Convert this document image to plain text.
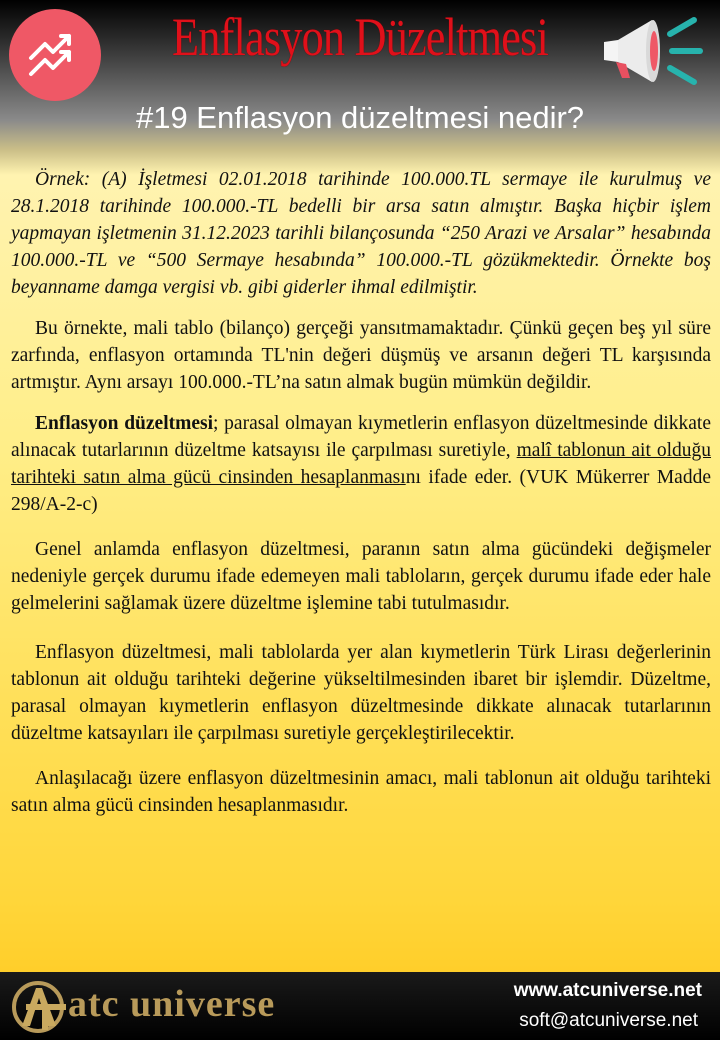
Enflasyon Düzeltmesi
#19 Enflasyon düzeltmesi nedir?

Örnek: (A) İşletmesi 02.01.2018 tarihinde 100.000.TL sermaye ile kurulmuş ve 28.1.2018 tarihinde 100.000.-TL bedelli bir arsa satın almıştır. Başka hiçbir işlem yapmayan işletmenin 31.12.2023 tarihli bilançosunda “250 Arazi ve Arsalar” hesabında 100.000.-TL ve “500 Sermaye hesabında” 100.000.-TL gözükmektedir. Örnekte boş beyanname damga vergisi vb. gibi giderler ihmal edilmiştir.

Bu örnekte, mali tablo (bilanço) gerçeği yansıtmamaktadır. Çünkü geçen beş yıl süre zarfında, enflasyon ortamında TL'nin değeri düşmüş ve arsanın değeri TL karşısında artmıştır. Aynı arsayı 100.000.-TL’na satın almak bugün mümkün değildir.

Enflasyon düzeltmesi; parasal olmayan kıymetlerin enflasyon düzeltmesinde dikkate alınacak tutarlarının düzeltme katsayısı ile çarpılması suretiyle, malî tablonun ait olduğu tarihteki satın alma gücü cinsinden hesaplanmasını ifade eder. (VUK Mükerrer Madde 298/A-2-c)

Genel anlamda enflasyon düzeltmesi, paranın satın alma gücündeki değişmeler nedeniyle gerçek durumu ifade edemeyen mali tabloların, gerçek durumu ifade eder hale gelmelerini sağlamak üzere düzeltme işlemine tabi tutulmasıdır.

Enflasyon düzeltmesi, mali tablolarda yer alan kıymetlerin Türk Lirası değerlerinin tablonun ait olduğu tarihteki değerine yükseltilmesinden ibaret bir işlemdir. Düzeltme, parasal olmayan kıymetlerin enflasyon düzeltmesinde dikkate alınacak tutarlarının düzeltme katsayıları ile çarpılması suretiyle gerçekleştirilecektir.

Anlaşılacağı üzere enflasyon düzeltmesinin amacı, mali tablonun ait olduğu tarihteki satın alma gücü cinsinden hesaplanmasıdır.

atc universe	www.atcuniverse.net
soft@atcuniverse.net
